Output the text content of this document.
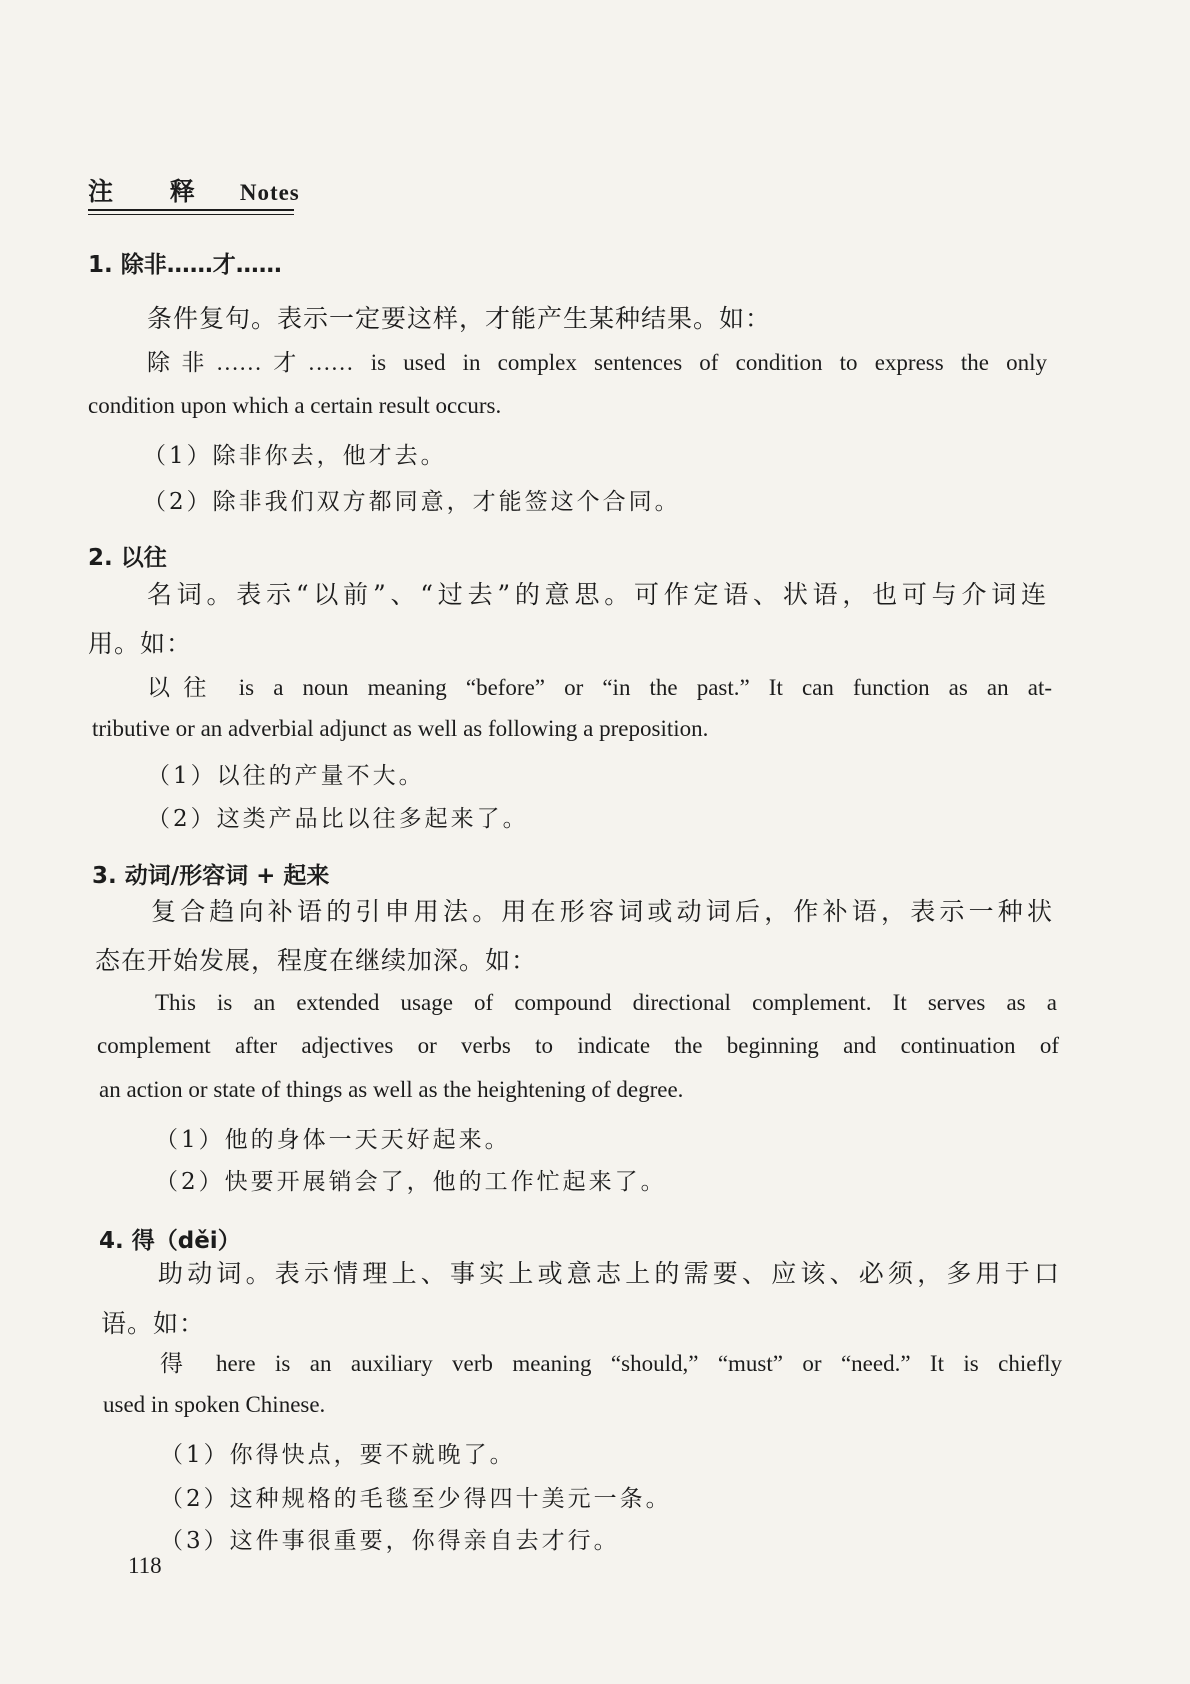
注 释 Notes
1. 除非……才……
条件复句。表示一定要这样，才能产生某种结果。如：
除非……才…… is used in complex sentences of condition to express the only
condition upon which a certain result occurs.
（1）除非你去，他才去。
（2）除非我们双方都同意，才能签这个合同。
2. 以往
名词。表示“以前”、“过去”的意思。可作定语、状语，也可与介词连
用。如：
以往 is a noun meaning “before” or “in the past.” It can function as an at-
tributive or an adverbial adjunct as well as following a preposition.
（1）以往的产量不大。
（2）这类产品比以往多起来了。
3. 动词/形容词 + 起来
复合趋向补语的引申用法。用在形容词或动词后，作补语，表示一种状
态在开始发展，程度在继续加深。如：
This is an extended usage of compound directional complement. It serves as a
complement after adjectives or verbs to indicate the beginning and continuation of
an action or state of things as well as the heightening of degree.
（1）他的身体一天天好起来。
（2）快要开展销会了，他的工作忙起来了。
4. 得（děi）
助动词。表示情理上、事实上或意志上的需要、应该、必须，多用于口
语。如：
得 here is an auxiliary verb meaning “should,” “must” or “need.” It is chiefly
used in spoken Chinese.
（1）你得快点，要不就晚了。
（2）这种规格的毛毯至少得四十美元一条。
（3）这件事很重要，你得亲自去才行。
118
